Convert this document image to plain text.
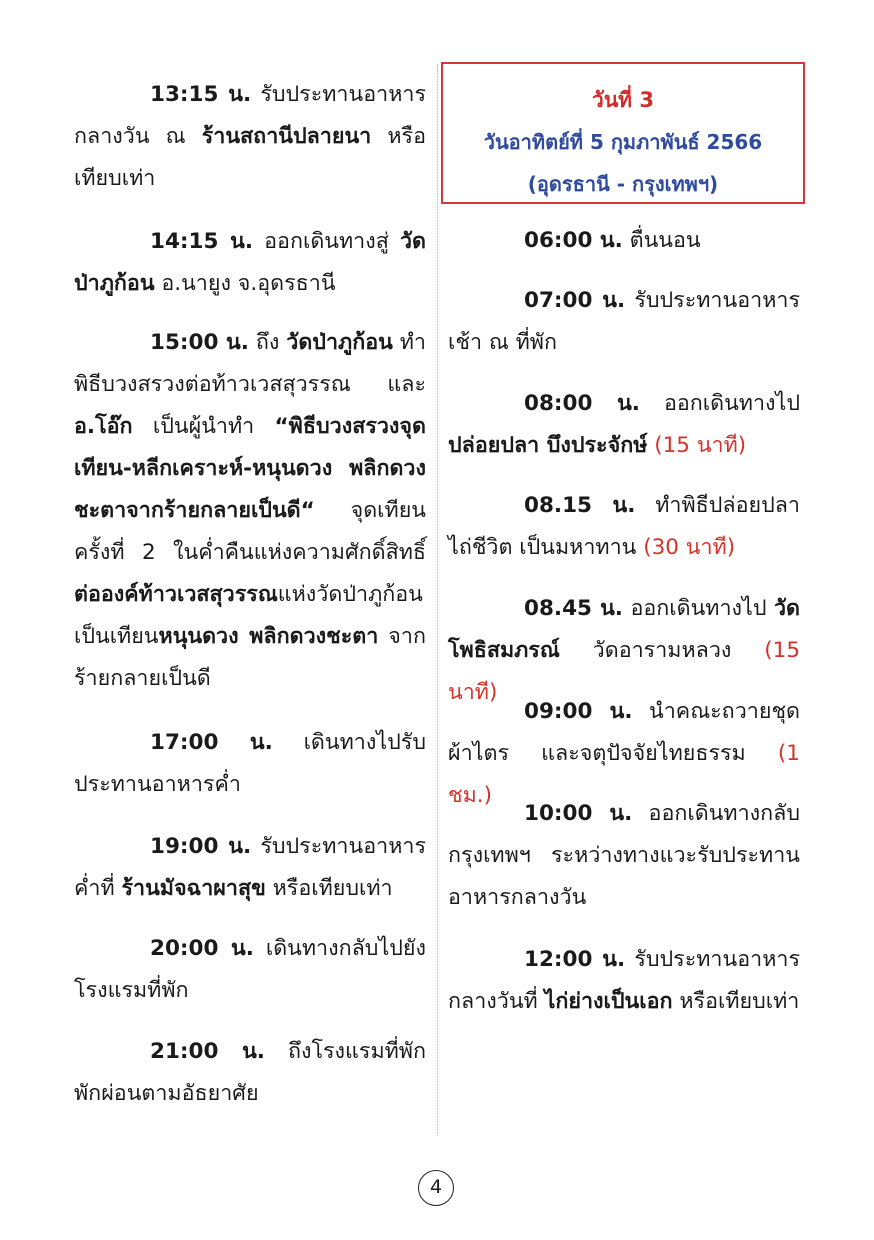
13:15 น. รับประทานอาหารกลางวัน ณ ร้านสถานีปลายนา หรือเทียบเท่า
14:15 น. ออกเดินทางสู่ วัดป่าภูก้อน อ.นายูง จ.อุดรธานี
15:00 น. ถึง วัดป่าภูก้อน ทำพิธีบวงสรวงต่อท้าวเวสสุวรรณ และ อ.โอ๊ก เป็นผู้นำทำ “พิธีบวงสรวงจุดเทียน-หลีกเคราะห์-หนุนดวง พลิกดวงชะตาจากร้ายกลายเป็นดี“ จุดเทียนครั้งที่ 2 ในค่ำคืนแห่งความศักดิ์สิทธิ์ ต่อองค์ท้าวเวสสุวรรณแห่งวัดป่าภูก้อน เป็นเทียนหนุนดวง พลิกดวงชะตา จากร้ายกลายเป็นดี
17:00 น. เดินทางไปรับประทานอาหารค่ำ
19:00 น. รับประทานอาหารค่ำที่ ร้านมัจฉาผาสุข หรือเทียบเท่า
20:00 น. เดินทางกลับไปยังโรงแรมที่พัก
21:00 น. ถึงโรงแรมที่พัก พักผ่อนตามอัธยาศัย
วันที่ 3
วันอาทิตย์ที่ 5 กุมภาพันธ์ 2566
(อุดรธานี - กรุงเทพฯ)
06:00 น. ตื่นนอน
07:00 น. รับประทานอาหารเช้า ณ ที่พัก
08:00 น. ออกเดินทางไป ปล่อยปลา บึงประจักษ์ (15 นาที)
08.15 น. ทำพิธีปล่อยปลา ไถ่ชีวิต เป็นมหาทาน (30 นาที)
08.45 น. ออกเดินทางไป วัดโพธิสมภรณ์ วัดอารามหลวง (15 นาที)
09:00 น. นำคณะถวายชุดผ้าไตร และจตุปัจจัยไทยธรรม (1 ชม.)
10:00 น. ออกเดินทางกลับกรุงเทพฯ ระหว่างทางแวะรับประทานอาหารกลางวัน
12:00 น. รับประทานอาหารกลางวันที่ ไก่ย่างเป็นเอก หรือเทียบเท่า
4
